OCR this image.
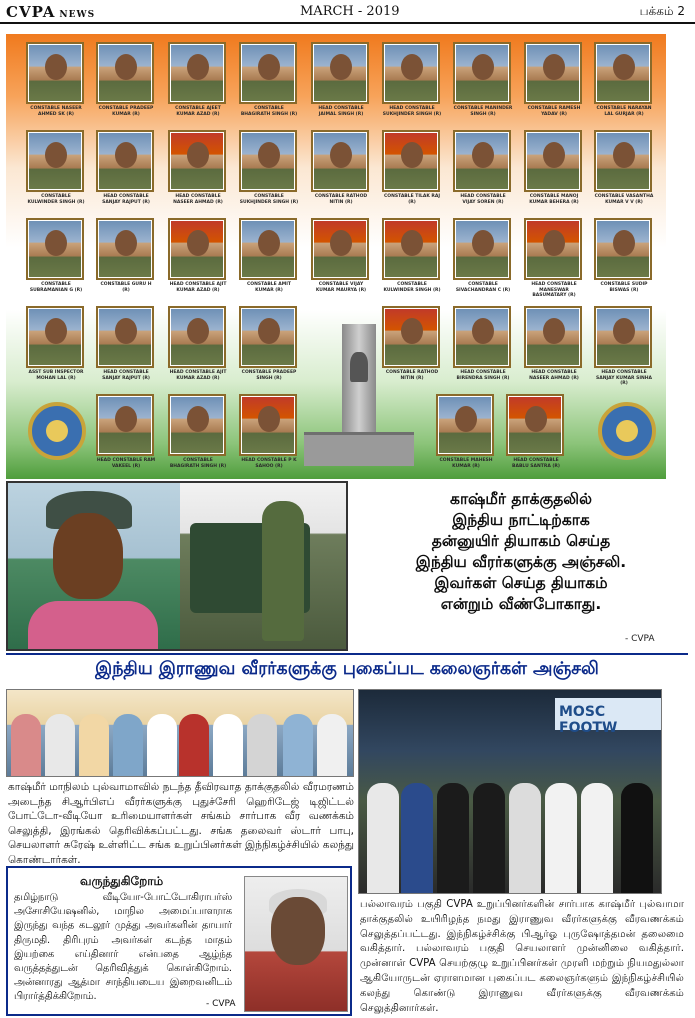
CVPA NEWS	MARCH - 2019	பக்கம் 2
CONSTABLE NASEER AHMED SK (R)
CONSTABLE PRADEEP KUMAR (R)
CONSTABLE AJEET KUMAR AZAD (R)
CONSTABLE BHAGIRATH SINGH (R)
HEAD CONSTABLE JAIMAL SINGH (R)
HEAD CONSTABLE SUKHJINDER SINGH (R)
CONSTABLE MANINDER SINGH (R)
CONSTABLE RAMESH YADAV (R)
CONSTABLE NARAYAN LAL GURJAR (R)
CONSTABLE KULWINDER SINGH (R)
HEAD CONSTABLE SANJAY RAJPUT (R)
HEAD CONSTABLE NASEER AHMAD (R)
CONSTABLE SUKHJINDER SINGH (R)
CONSTABLE RATHOD NITIN (R)
CONSTABLE TILAK RAJ (R)
HEAD CONSTABLE VIJAY SOREN (R)
CONSTABLE MANOJ KUMAR BEHERA (R)
CONSTABLE VASANTHA KUMAR V V (R)
CONSTABLE SUBRAMANIAN G (R)
CONSTABLE GURU H (R)
HEAD CONSTABLE AJIT KUMAR AZAD (R)
CONSTABLE AMIT KUMAR (R)
CONSTABLE VIJAY KUMAR MAURYA (R)
CONSTABLE KULWINDER SINGH (R)
CONSTABLE SIVACHANDRAN C (R)
HEAD CONSTABLE MANESWAR BASUMATARY (R)
CONSTABLE SUDIP BISWAS (R)
ASST SUB INSPECTOR MOHAN LAL (R)
HEAD CONSTABLE SANJAY RAJPUT (R)
HEAD CONSTABLE AJIT KUMAR AZAD (R)
CONSTABLE PRADEEP SINGH (R)
CONSTABLE RATHOD NITIN (R)
HEAD CONSTABLE BIRENDRA SINGH (R)
HEAD CONSTABLE NASEER AHMAD (R)
HEAD CONSTABLE SANJAY KUMAR SINHA (R)
HEAD CONSTABLE RAM VAKEEL (R)
CONSTABLE BHAGIRATH SINGH (R)
HEAD CONSTABLE P K SAHOO (R)
CONSTABLE MAHESH KUMAR (R)
HEAD CONSTABLE BABLU SANTRA (R)
காஷ்மீர் தாக்குதலில்
இந்திய நாட்டிற்காக
தன்னுயிர் தியாகம் செய்த
இந்திய வீரர்களுக்கு அஞ்சலி.
இவர்கள் செய்த தியாகம்
என்றும் வீண்போகாது.
- CVPA
இந்திய இராணுவ வீரர்களுக்கு புகைப்பட கலைஞர்கள் அஞ்சலி
MOSC FOOTW
காஷ்மீர் மாநிலம் புல்வாமாவில் நடந்த தீவிரவாத தாக்குதலில் வீரமரணம் அடைந்த சிஆர்பிஎப் வீரர்களுக்கு புதுச்சேரி ஹெரிடேஜ் டிஜிட்டல் போட்டோ-வீடியோ உரிமையாளர்கள் சங்கம் சார்பாக வீர வணக்கம் செலுத்தி, இரங்கல் தெரிவிக்கப்பட்டது. சங்க தலைவர் ஸ்டார் பாபு, செயலாளர் சுரேஷ் உள்ளிட்ட சங்க உறுப்பினர்கள் இந்நிகழ்ச்சியில் கலந்து கொண்டார்கள்.
பல்லாவரம் பகுதி CVPA உறுப்பினர்களின் சார்பாக காஷ்மீர் புல்வாமா தாக்குதலில் உயிரிழந்த நமது இராணுவ வீரர்களுக்கு வீரவணக்கம் செலுத்தப்பட்டது. இந்நிகழ்ச்சிக்கு பிஆர்ஓ புருஷோத்தமன் தலைமை வகித்தார். பல்லாவரம் பகுதி செயலாளர் முன்னிலை வகித்தார். முன்னாள் CVPA செயற்குழு உறுப்பினர்கள் முரளி மற்றும் நியமதுல்லா ஆகியோருடன் ஏராளமான புகைப்பட கலைஞர்களும் இந்நிகழ்ச்சியில் கலந்து கொண்டு இராணுவ வீரர்களுக்கு வீரவணக்கம் செலுத்தினார்கள்.
வருந்துகிறோம்
தமிழ்நாடு வீடியோ-போட்டோகிராபர்ஸ் அசோசியேஷனில், மாநில அமைப்பாளராக இருந்து வந்த கடலூர் முத்து அவர்களின் தாயார் திருமதி. திரிபுரம் அவர்கள் கடந்த மாதம் இயற்கை எய்தினார் என்பதை ஆழ்ந்த வருத்தத்துடன் தெரிவித்துக் கொள்கிறோம். அன்னாரது ஆத்மா சாந்தியடைய இறைவனிடம் பிரார்த்திக்கிறோம்.
- CVPA
